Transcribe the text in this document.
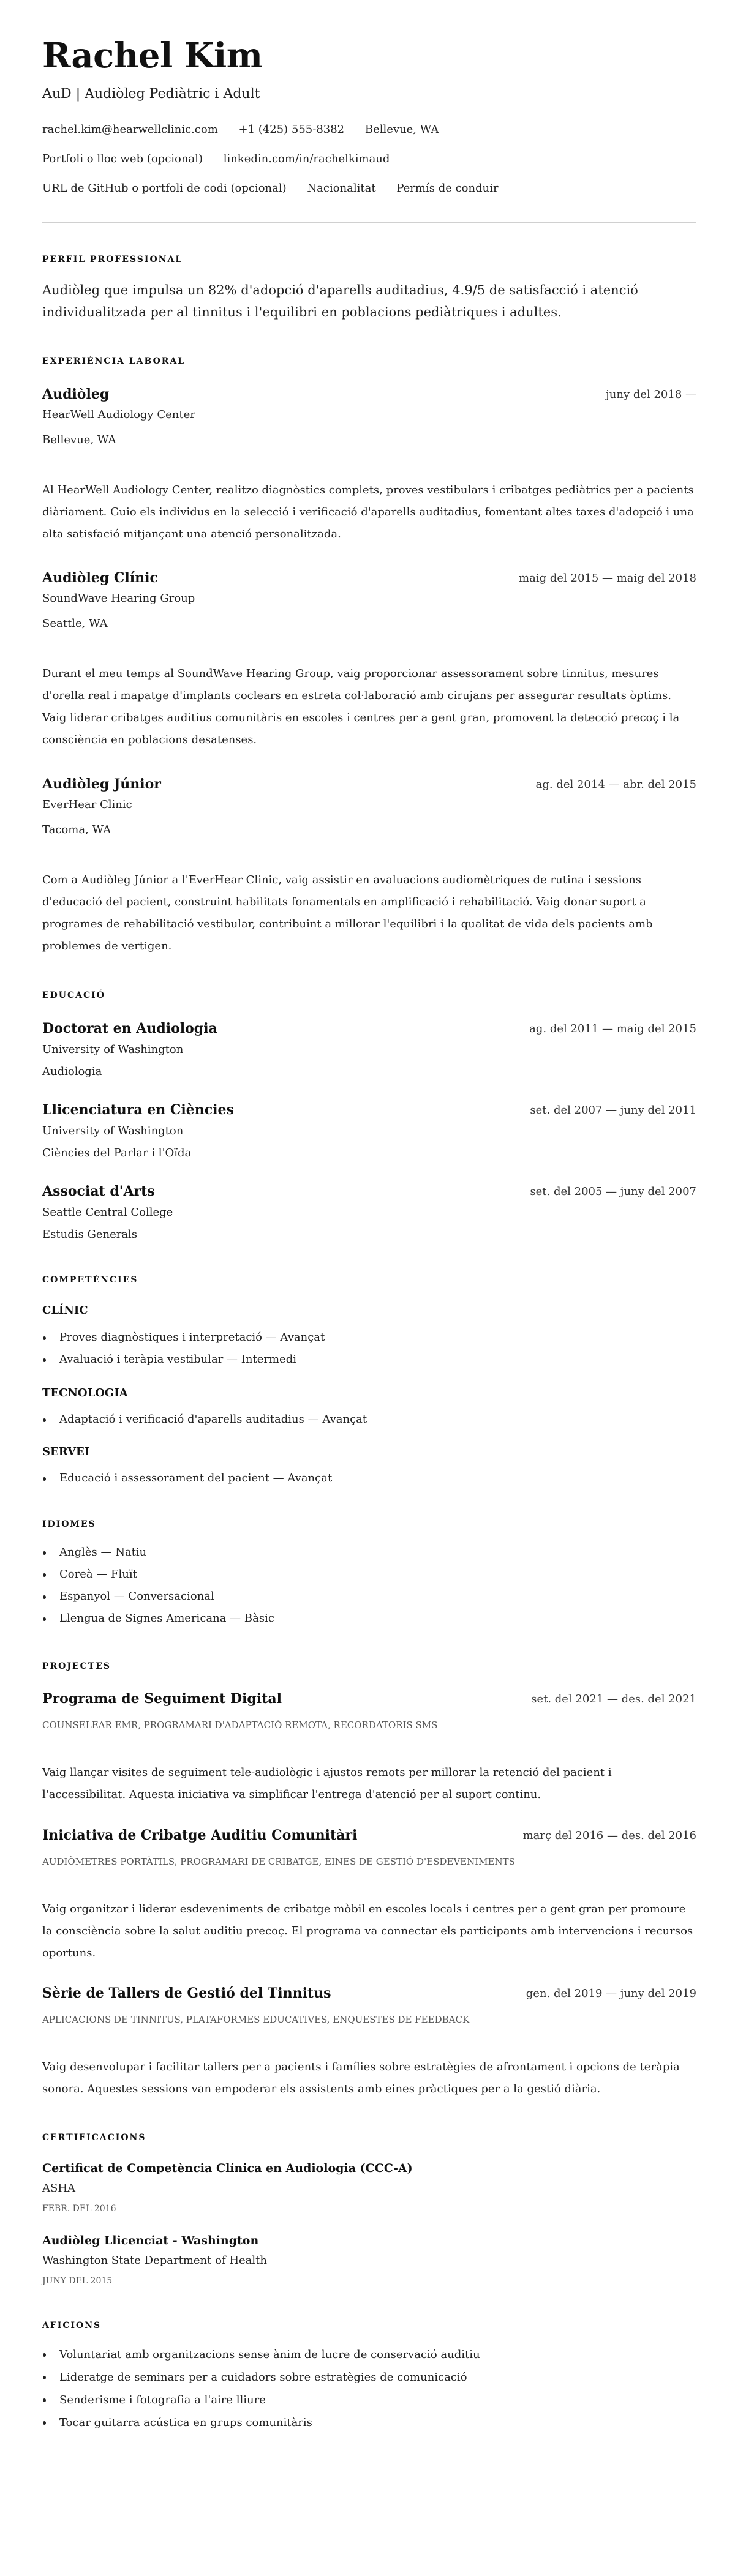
Rachel Kim
AuD | Audiòleg Pediàtric i Adult
rachel.kim@hearwellclinic.com +1 (425) 555-8382 Bellevue, WA
Portfoli o lloc web (opcional) linkedin.com/in/rachelkimaud
URL de GitHub o portfoli de codi (opcional) Nacionalitat Permís de conduir
PERFIL PROFESSIONAL
Audiòleg que impulsa un 82% d'adopció d'aparells auditadius, 4.9/5 de satisfacció i atenció individualitzada per al tinnitus i l'equilibri en poblacions pediàtriques i adultes.
EXPERIÈNCIA LABORAL
Audiòleg	juny del 2018 —
HearWell Audiology Center
Bellevue, WA
Al HearWell Audiology Center, realitzo diagnòstics complets, proves vestibulars i cribatges pediàtrics per a pacients diàriament. Guio els individus en la selecció i verificació d'aparells auditadius, fomentant altes taxes d'adopció i una alta satisfació mitjançant una atenció personalitzada.
Audiòleg Clínic	maig del 2015 — maig del 2018
SoundWave Hearing Group
Seattle, WA
Durant el meu temps al SoundWave Hearing Group, vaig proporcionar assessorament sobre tinnitus, mesures d'orella real i mapatge d'implants coclears en estreta col·laboració amb cirujans per assegurar resultats òptims. Vaig liderar cribatges auditius comunitàris en escoles i centres per a gent gran, promovent la detecció precoç i la consciència en poblacions desatenses.
Audiòleg Júnior	ag. del 2014 — abr. del 2015
EverHear Clinic
Tacoma, WA
Com a Audiòleg Júnior a l'EverHear Clinic, vaig assistir en avaluacions audiomètriques de rutina i sessions d'educació del pacient, construint habilitats fonamentals en amplificació i rehabilitació. Vaig donar suport a programes de rehabilitació vestibular, contribuint a millorar l'equilibri i la qualitat de vida dels pacients amb problemes de vertigen.
EDUCACIÓ
Doctorat en Audiologia	ag. del 2011 — maig del 2015
University of Washington
Audiologia
Llicenciatura en Ciències	set. del 2007 — juny del 2011
University of Washington
Ciències del Parlar i l'Oïda
Associat d'Arts	set. del 2005 — juny del 2007
Seattle Central College
Estudis Generals
COMPETÈNCIES
CLÍNIC
Proves diagnòstiques i interpretació — Avançat
Avaluació i teràpia vestibular — Intermedi
TECNOLOGIA
Adaptació i verificació d'aparells auditadius — Avançat
SERVEI
Educació i assessorament del pacient — Avançat
IDIOMES
Anglès — Natiu
Coreà — Fluït
Espanyol — Conversacional
Llengua de Signes Americana — Bàsic
PROJECTES
Programa de Seguiment Digital	set. del 2021 — des. del 2021
COUNSELEAR EMR, PROGRAMARI D'ADAPTACIÓ REMOTA, RECORDATORIS SMS
Vaig llançar visites de seguiment tele-audiològic i ajustos remots per millorar la retenció del pacient i l'accessibilitat. Aquesta iniciativa va simplificar l'entrega d'atenció per al suport continu.
Iniciativa de Cribatge Auditiu Comunitàri	març del 2016 — des. del 2016
AUDIÒMETRES PORTÀTILS, PROGRAMARI DE CRIBATGE, EINES DE GESTIÓ D'ESDEVENIMENTS
Vaig organitzar i liderar esdeveniments de cribatge mòbil en escoles locals i centres per a gent gran per promoure la consciència sobre la salut auditiu precoç. El programa va connectar els participants amb intervencions i recursos oportuns.
Sèrie de Tallers de Gestió del Tinnitus	gen. del 2019 — juny del 2019
APLICACIONS DE TINNITUS, PLATAFORMES EDUCATIVES, ENQUESTES DE FEEDBACK
Vaig desenvolupar i facilitar tallers per a pacients i famílies sobre estratègies de afrontament i opcions de teràpia sonora. Aquestes sessions van empoderar els assistents amb eines pràctiques per a la gestió diària.
CERTIFICACIONS
Certificat de Competència Clínica en Audiologia (CCC-A)
ASHA
FEBR. DEL 2016
Audiòleg Llicenciat - Washington
Washington State Department of Health
JUNY DEL 2015
AFICIONS
Voluntariat amb organitzacions sense ànim de lucre de conservació auditiu
Lideratge de seminars per a cuidadors sobre estratègies de comunicació
Senderisme i fotografia a l'aire lliure
Tocar guitarra acústica en grups comunitàris
